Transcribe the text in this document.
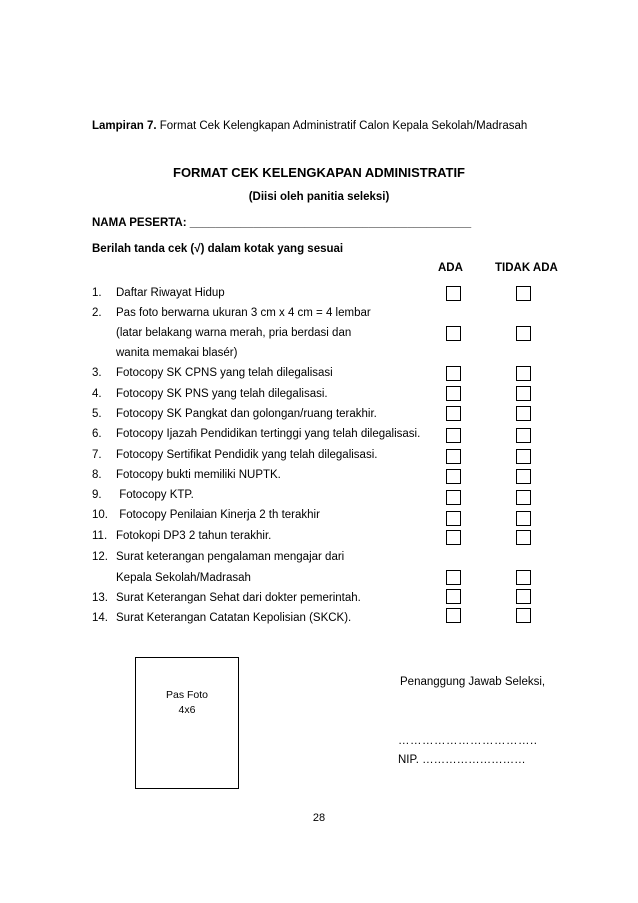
Lampiran 7. Format Cek Kelengkapan Administratif Calon Kepala Sekolah/Madrasah
FORMAT CEK KELENGKAPAN ADMINISTRATIF
(Diisi oleh panitia seleksi)
NAMA PESERTA: ____________________________________________
Berilah tanda cek (√) dalam kotak yang sesuai
ADA	TIDAK ADA
1. Daftar Riwayat Hidup
2. Pas foto berwarna ukuran 3 cm x 4 cm = 4 lembar
(latar belakang warna merah, pria berdasi dan
wanita memakai blasér)
3. Fotocopy SK CPNS yang telah dilegalisasi
4. Fotocopy SK PNS yang telah dilegalisasi.
5. Fotocopy SK Pangkat dan golongan/ruang terakhir.
6. Fotocopy Ijazah Pendidikan tertinggi yang telah dilegalisasi.
7. Fotocopy Sertifikat Pendidik yang telah dilegalisasi.
8. Fotocopy bukti memiliki NUPTK.
9. Fotocopy KTP.
10. Fotocopy Penilaian Kinerja 2 th terakhir
11. Fotokopi DP3 2 tahun terakhir.
12. Surat keterangan pengalaman mengajar dari
Kepala Sekolah/Madrasah
13. Surat Keterangan Sehat dari dokter pemerintah.
14. Surat Keterangan Catatan Kepolisian (SKCK).
Pas Foto
4x6
Penanggung Jawab Seleksi,
……………………………..
NIP. ………………………
28
